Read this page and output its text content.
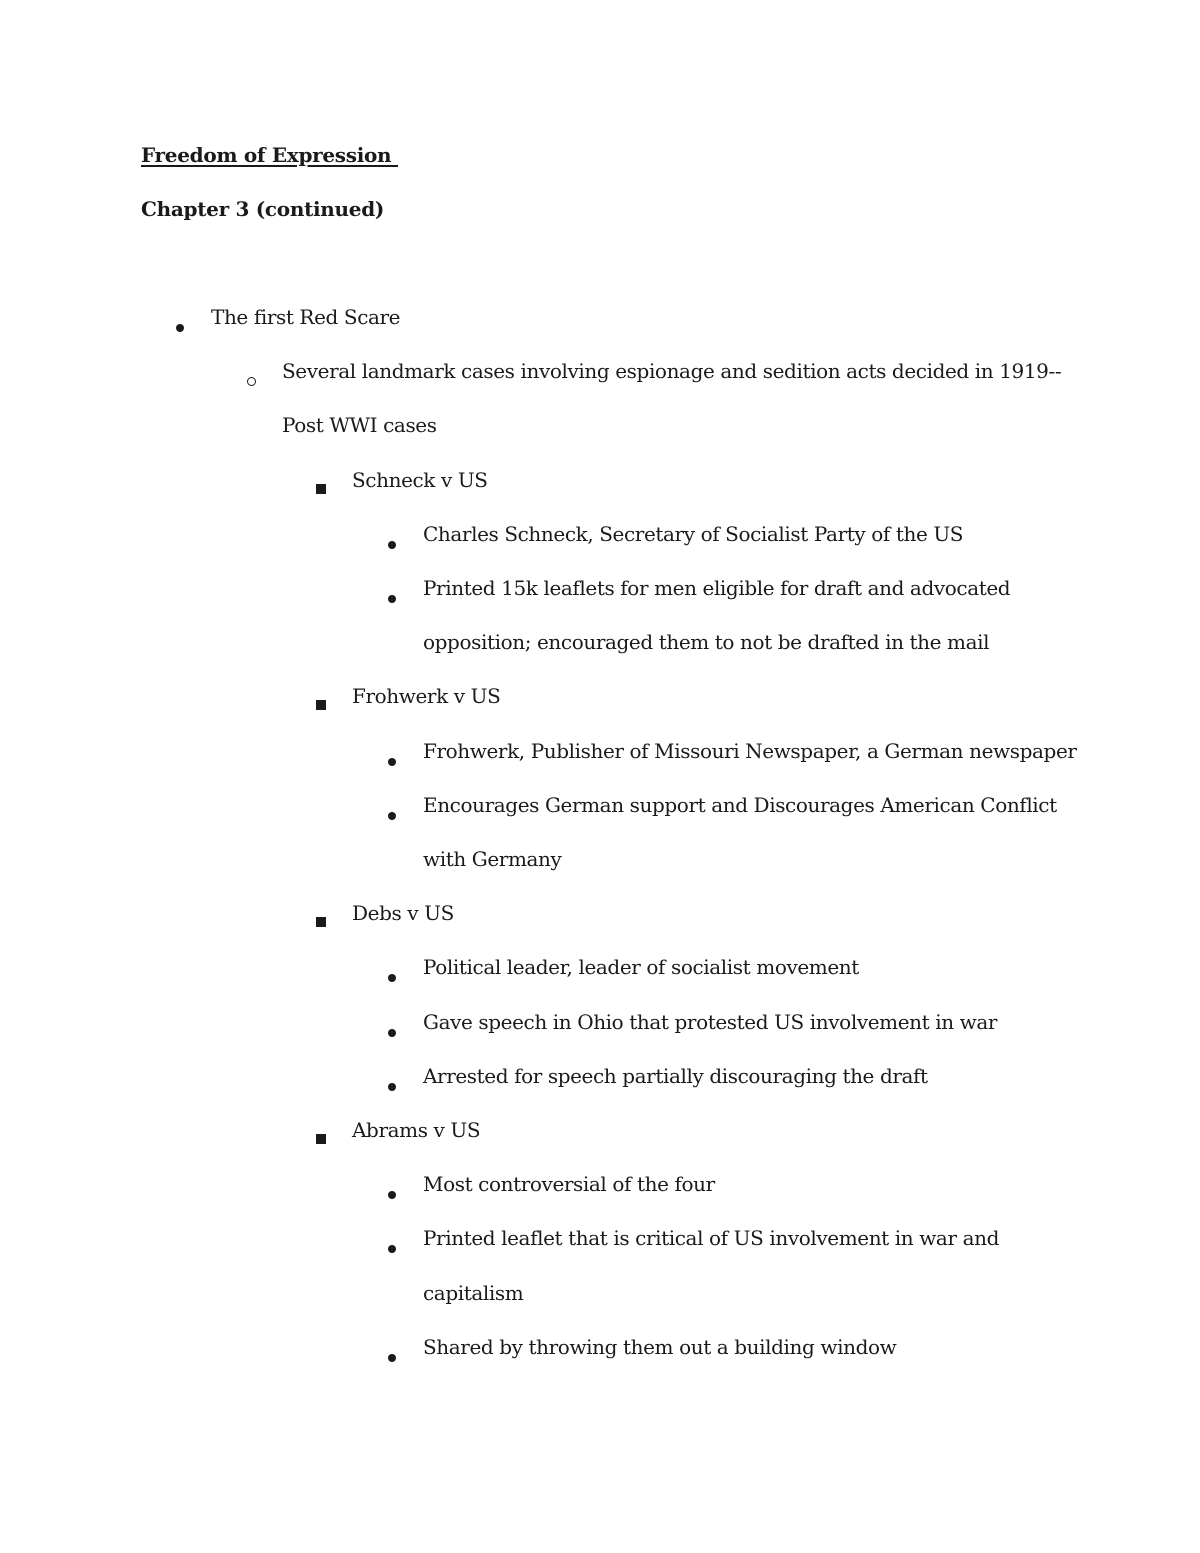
Freedom of Expression
Chapter 3 (continued)
The first Red Scare
Several landmark cases involving espionage and sedition acts decided in 1919--
Post WWI cases
Schneck v US
Charles Schneck, Secretary of Socialist Party of the US
Printed 15k leaflets for men eligible for draft and advocated
opposition; encouraged them to not be drafted in the mail
Frohwerk v US
Frohwerk, Publisher of Missouri Newspaper, a German newspaper
Encourages German support and Discourages American Conflict
with Germany
Debs v US
Political leader, leader of socialist movement
Gave speech in Ohio that protested US involvement in war
Arrested for speech partially discouraging the draft
Abrams v US
Most controversial of the four
Printed leaflet that is critical of US involvement in war and
capitalism
Shared by throwing them out a building window
